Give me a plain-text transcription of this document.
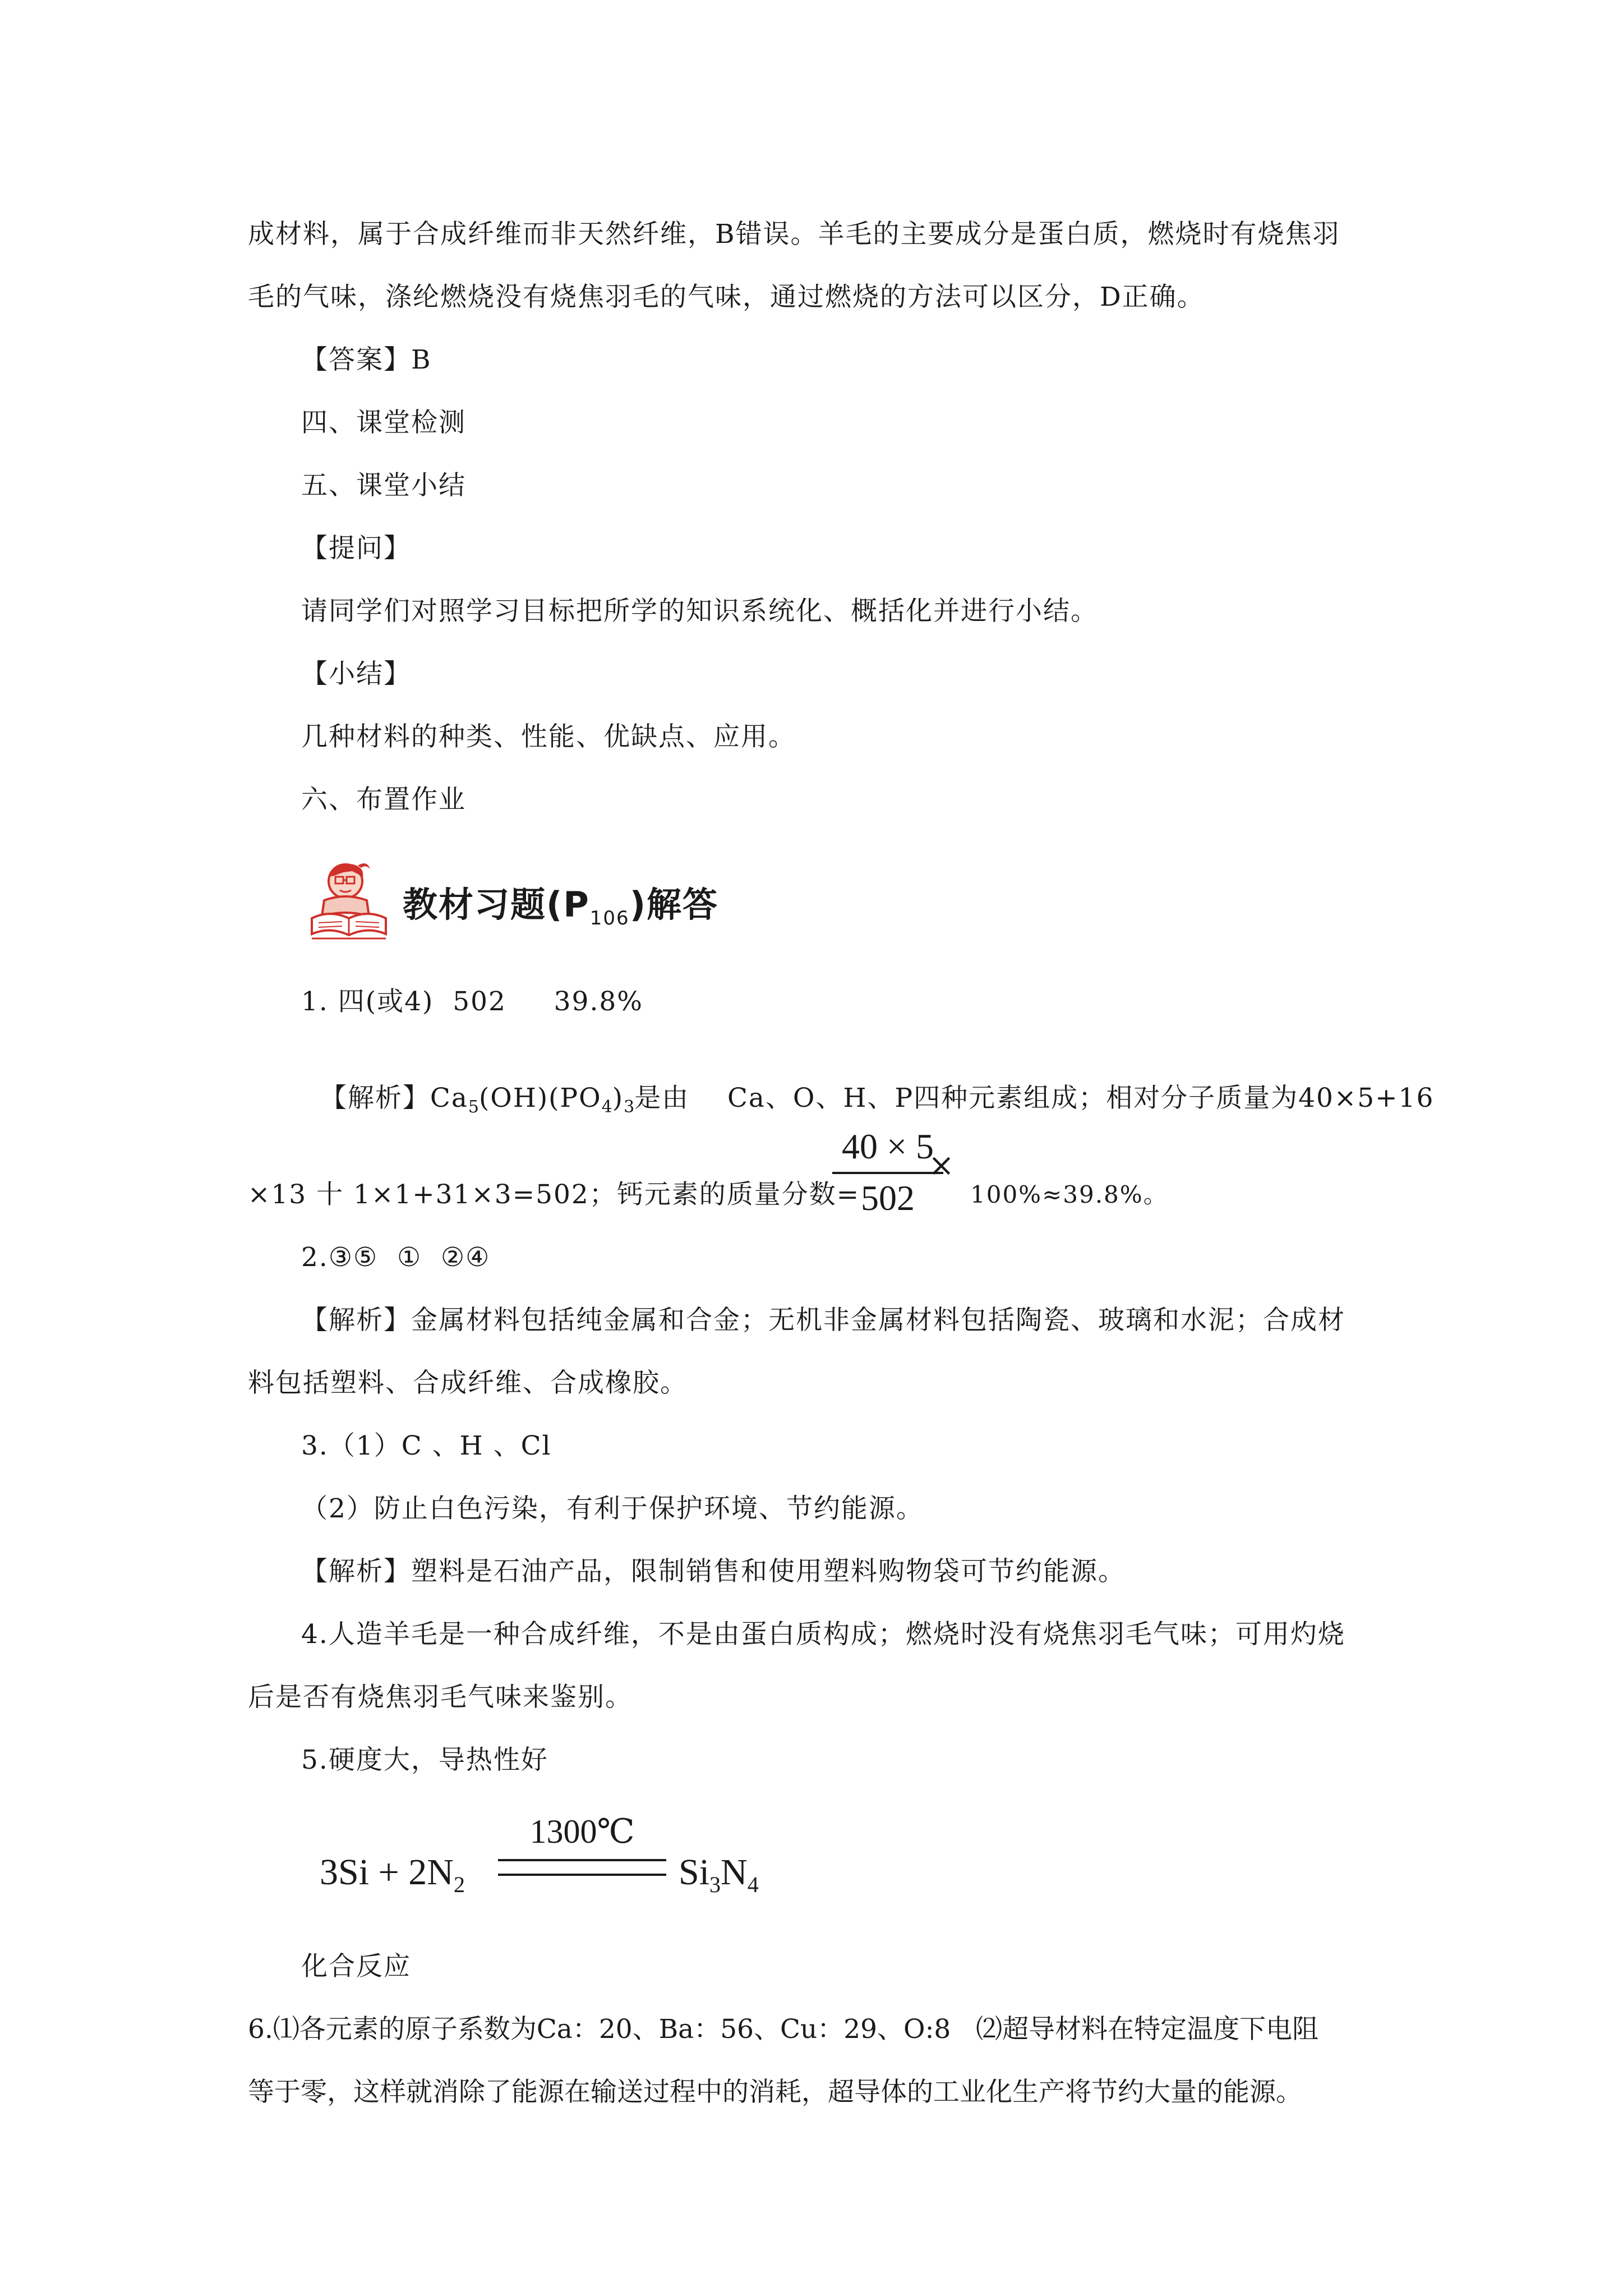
成材料，属于合成纤维而非天然纤维，B错误。羊毛的主要成分是蛋白质，燃烧时有烧焦羽
毛的气味，涤纶燃烧没有烧焦羽毛的气味，通过燃烧的方法可以区分，D正确。
【答案】B
四、课堂检测
五、课堂小结
【提问】
请同学们对照学习目标把所学的知识系统化、概括化并进行小结。
【小结】
几种材料的种类、性能、优缺点、应用。
六、布置作业
教材习题$(P_{106})$解答
1. 四(或4)  502     39.8%

【解析】$Ca_5(OH)(PO_4)_3$是由    Ca、O、H、P四种元素组成；相对分子质量为40×5+16

40 × 5
502
×
×13 十 1×1+31×3=502；钙元素的质量分数=	100%≈39.8%。
2.③⑤  ①  ②④
【解析】金属材料包括纯金属和合金；无机非金属材料包括陶瓷、玻璃和水泥；合成材
料包括塑料、合成纤维、合成橡胶。
3.（1）C 、H 、Cl
（2）防止白色污染，有利于保护环境、节约能源。
【解析】塑料是石油产品，限制销售和使用塑料购物袋可节约能源。
4.人造羊毛是一种合成纤维，不是由蛋白质构成；燃烧时没有烧焦羽毛气味；可用灼烧
后是否有烧焦羽毛气味来鉴别。
5.硬度大，导热性好
$3Si + 2N_2$
1300℃
$Si_3N_4$
化合反应
6.⑴各元素的原子系数为Ca：20、Ba：56、Cu：29、O:8   ⑵超导材料在特定温度下电阻
等于零，这样就消除了能源在输送过程中的消耗，超导体的工业化生产将节约大量的能源。
